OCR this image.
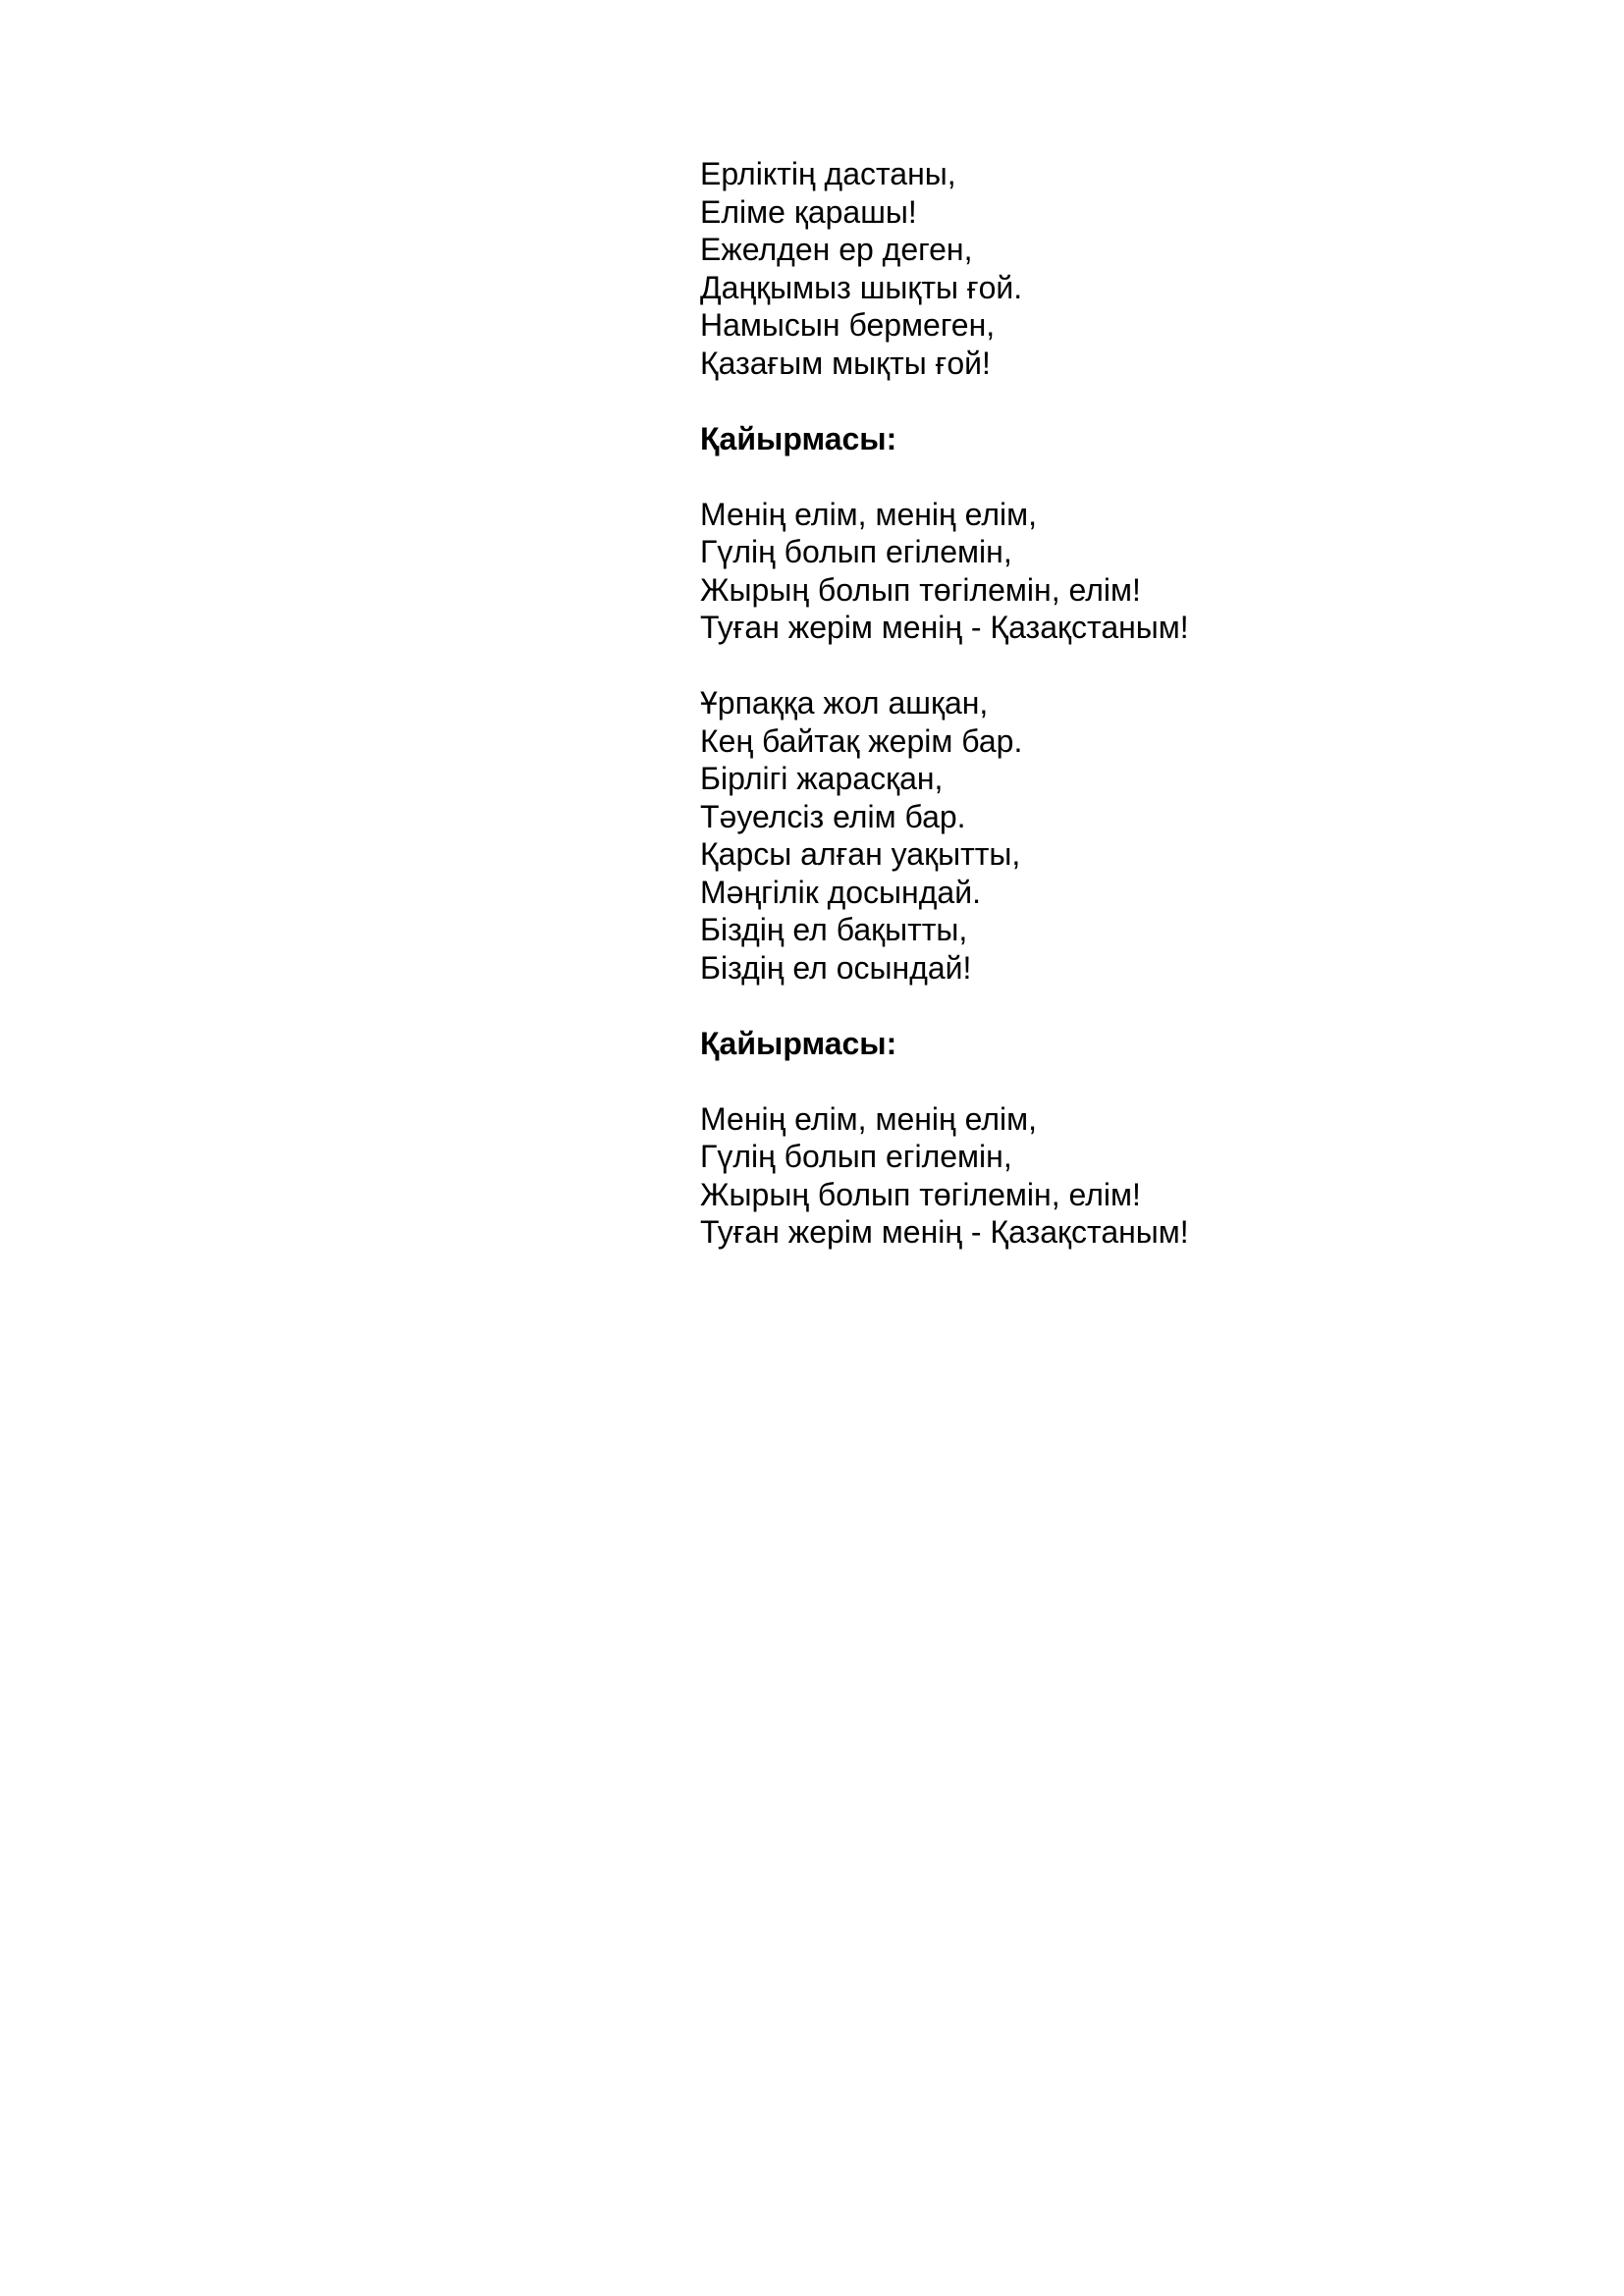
Ерліктің дастаны,
Еліме қарашы!
Ежелден ер деген,
Даңқымыз шықты ғой.
Намысын бермеген,
Қазағым мықты ғой!
Қайырмасы:
Менің елім, менің елім,
Гүлің болып егілемін,
Жырың болып төгілемін, елім!
Туған жерім менің - Қазақстаным!
Ұрпаққа жол ашқан,
Кең байтақ жерім бар.
Бірлігі жарасқан,
Тәуелсіз елім бар.
Қарсы алған уақытты,
Мәңгілік досындай.
Біздің ел бақытты,
Біздің ел осындай!
Қайырмасы:
Менің елім, менің елім,
Гүлің болып егілемін,
Жырың болып төгілемін, елім!
Туған жерім менің - Қазақстаным!
